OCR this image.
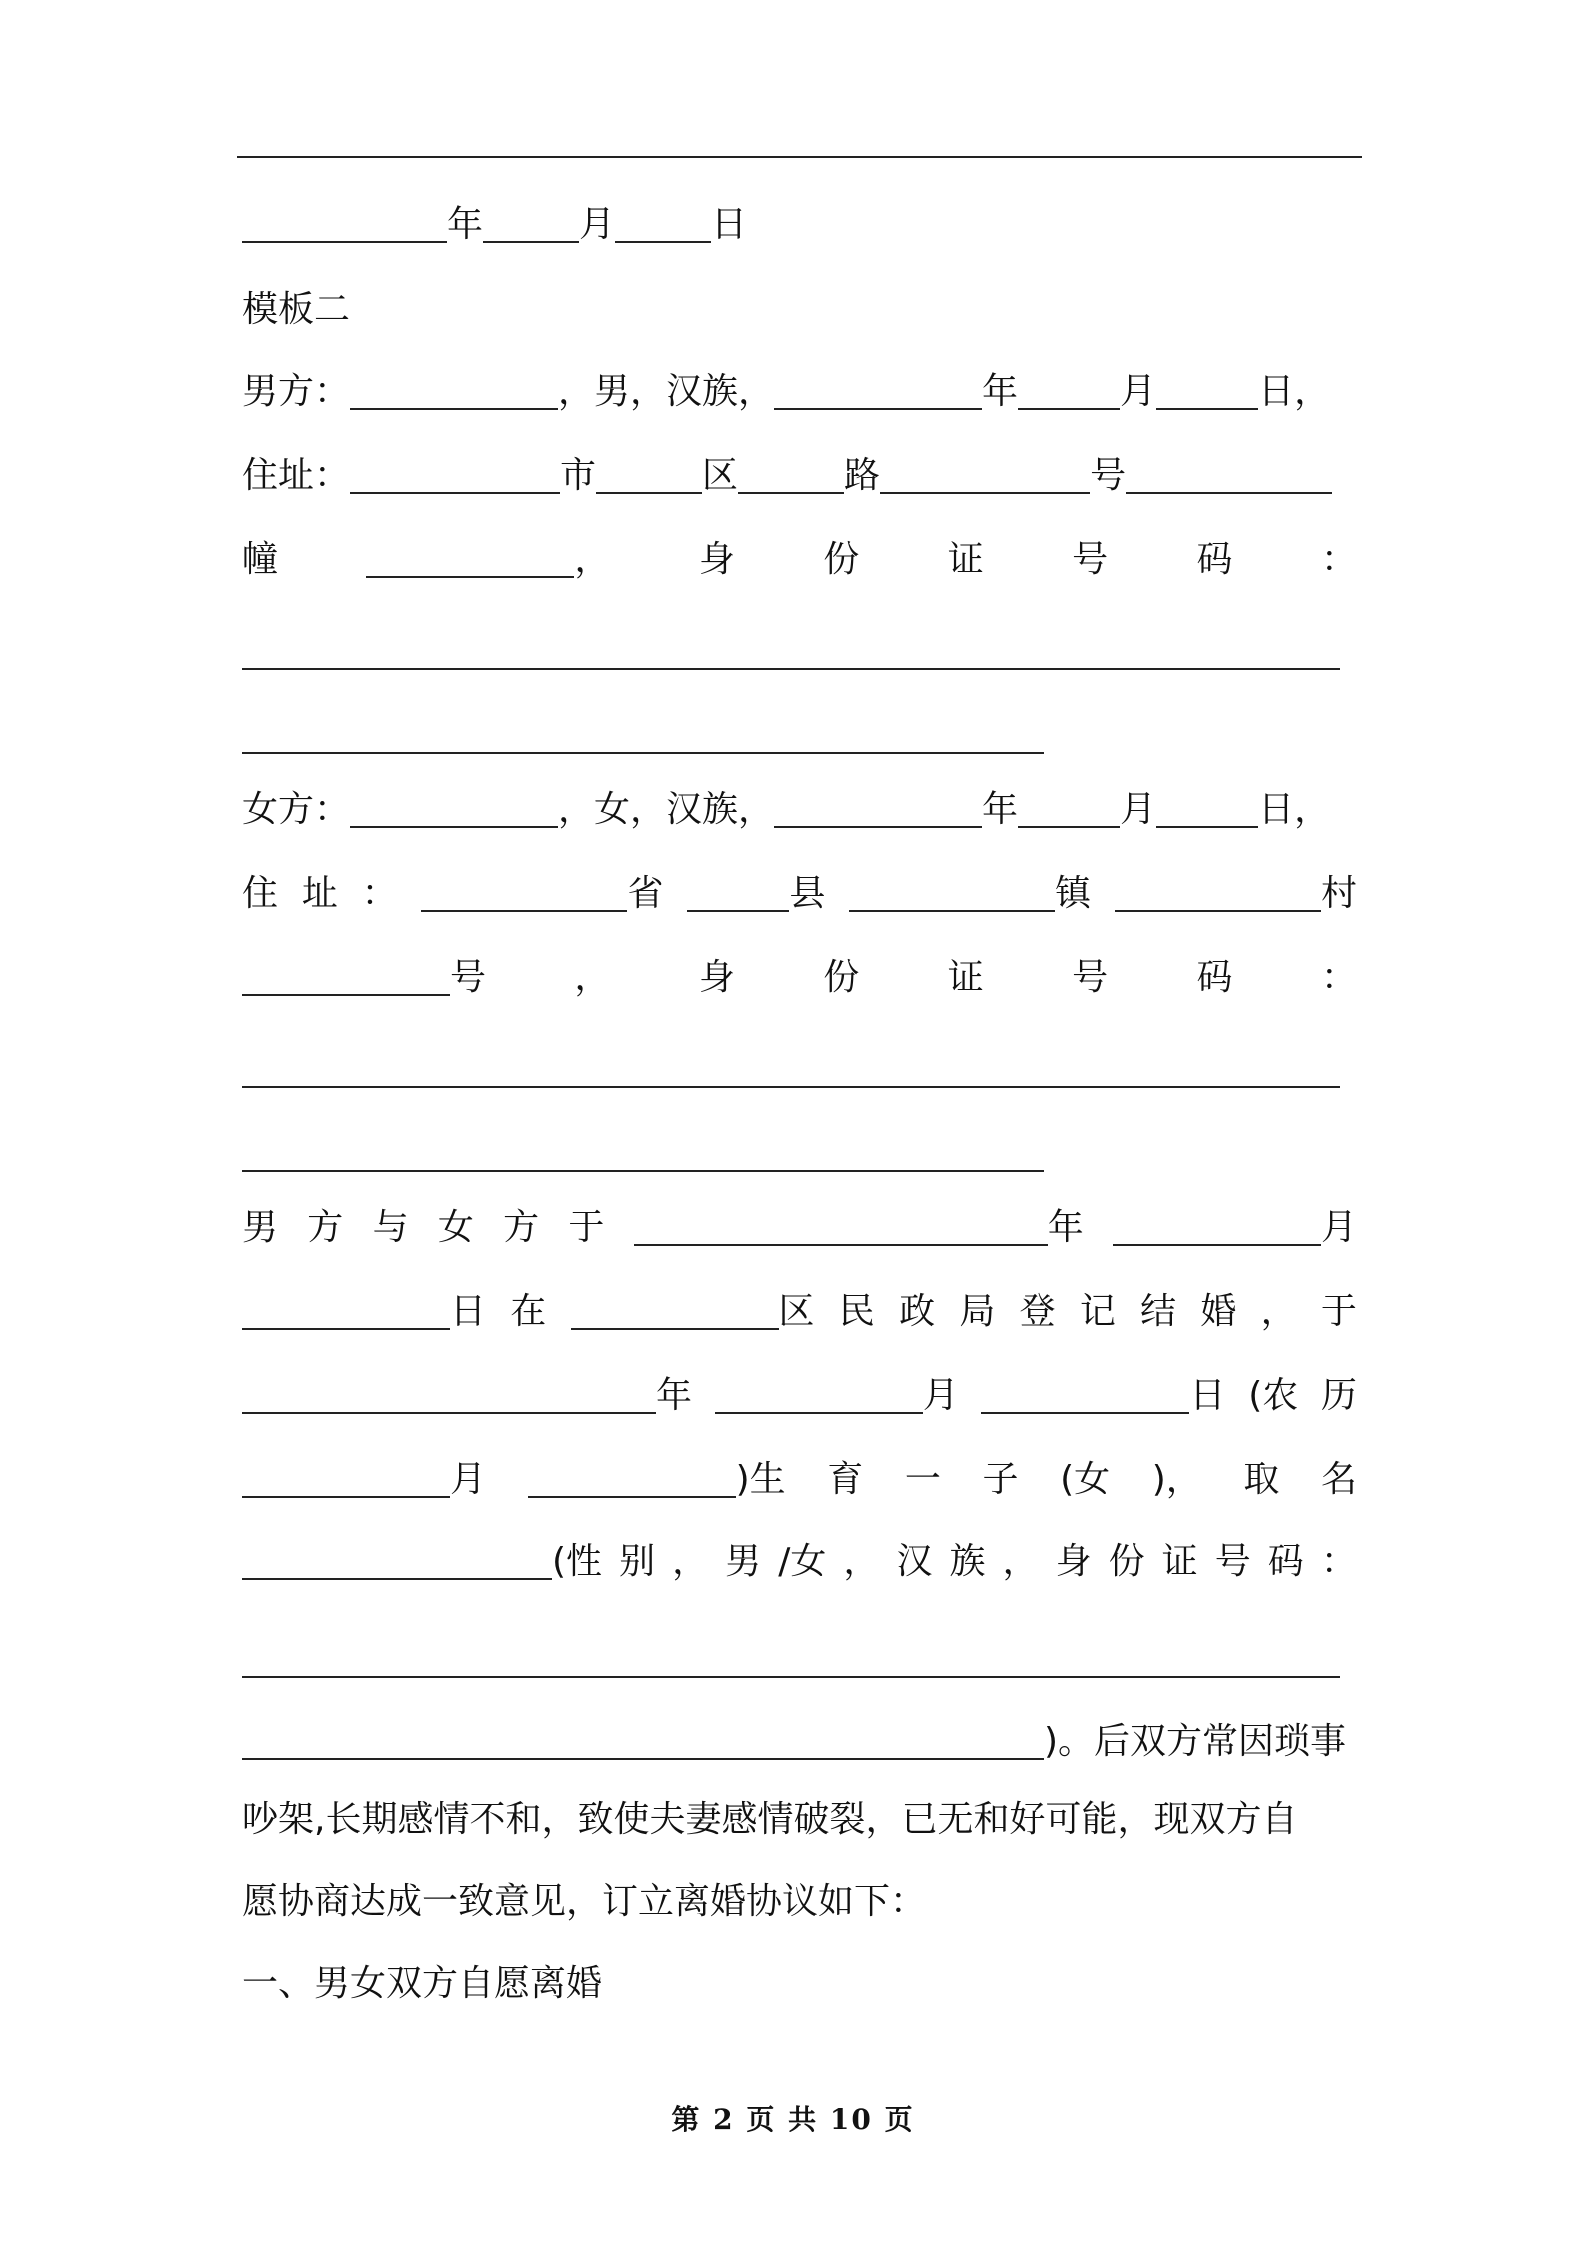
年	月	日
模板二
男方：	，男，汉族，	年	月	日，
住址：	市	区	路	号
幢	， 身 份 证 号 码 ：
女方：	，女，汉族，	年	月	日，
住 址 ：	省	县	镇	村
号 ， 身 份 证 号 码 ：
男 方 与 女 方 于	年	月
日 在	区 民 政 局 登 记 结 婚 ， 于
年	月	日 (农 历
月	)生 育 一 子 (女 )， 取 名
(性 别 ， 男 /女 ， 汉 族 ， 身 份 证 号 码 ：
)。后双方常因琐事
吵架,长期感情不和，致使夫妻感情破裂，已无和好可能，现双方自
愿协商达成一致意见，订立离婚协议如下：
一、男女双方自愿离婚
第 2 页 共 10 页
